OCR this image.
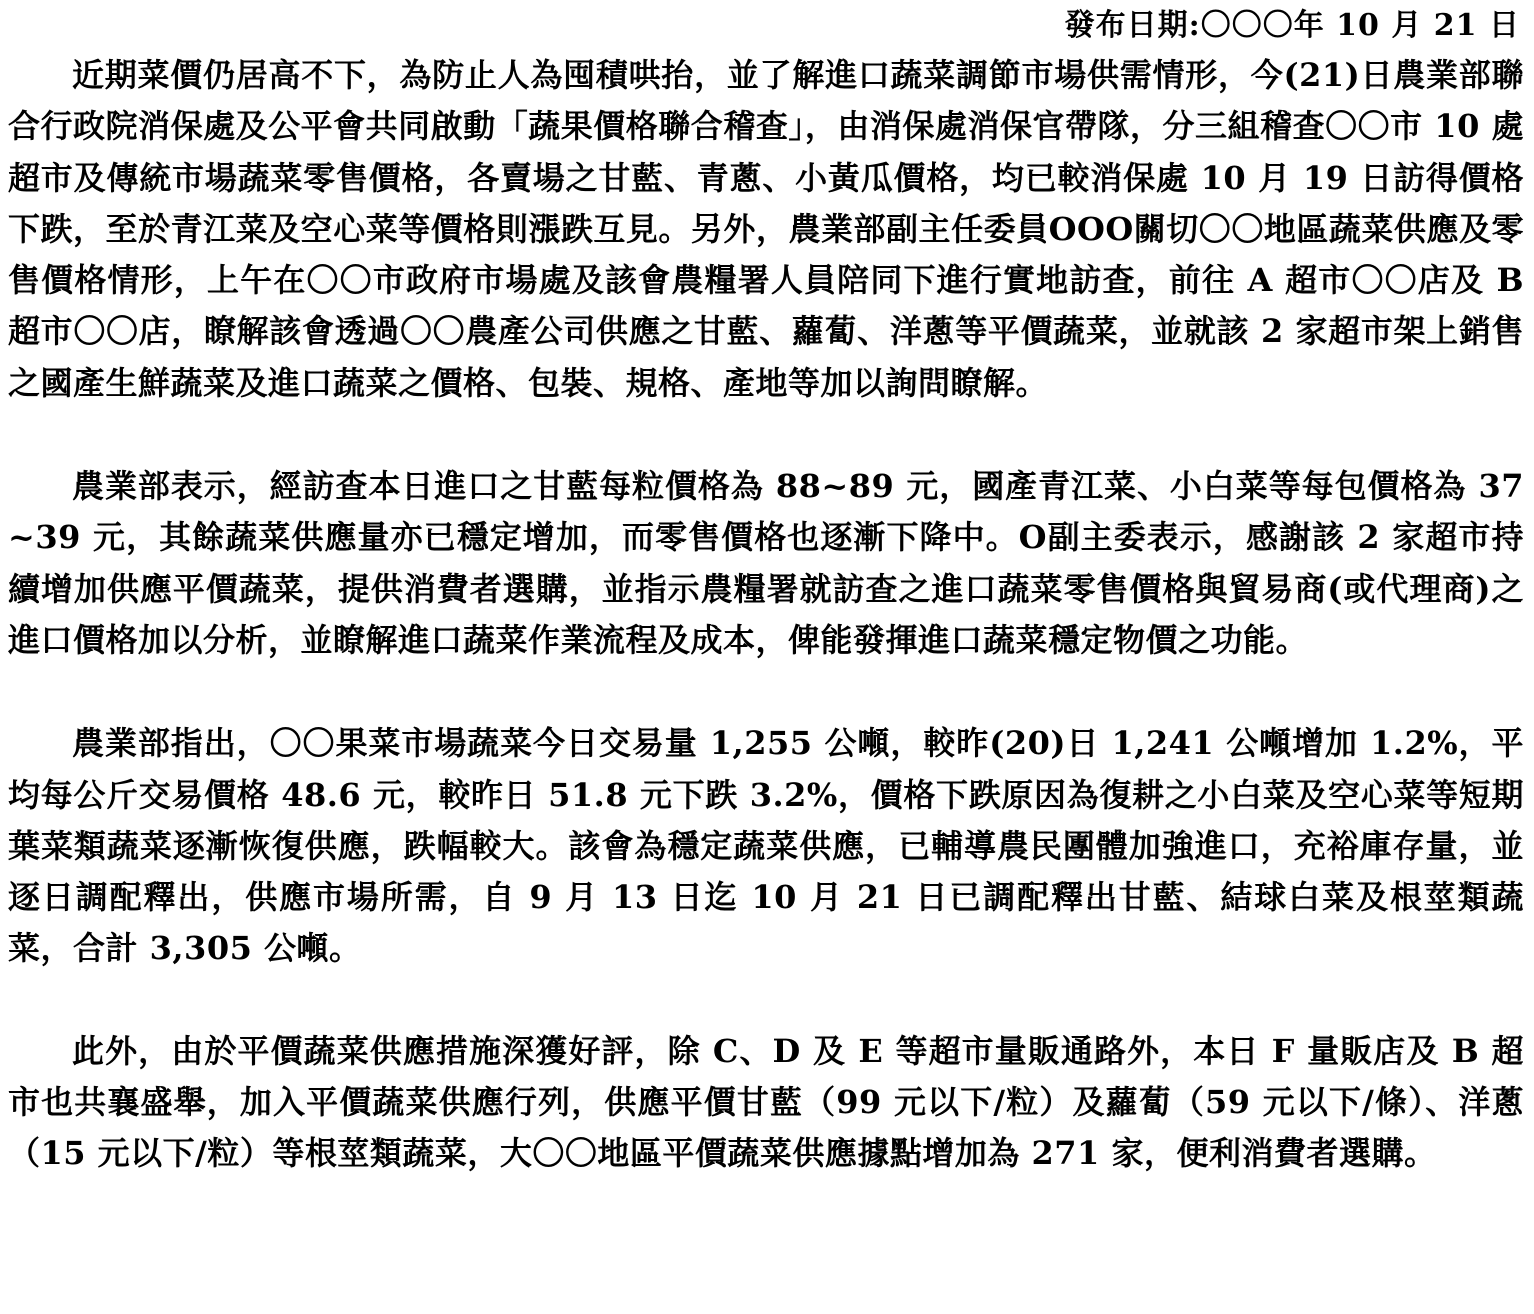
發布日期:〇〇〇年 10 月 21 日

近期菜價仍居高不下，為防止人為囤積哄抬，並了解進口蔬菜調節市場供需情形，今(21)日農業部聯合行政院消保處及公平會共同啟動「蔬果價格聯合稽查」，由消保處消保官帶隊，分三組稽查〇〇市 10 處超市及傳統市場蔬菜零售價格，各賣場之甘藍、青蔥、小黃瓜價格，均已較消保處 10 月 19 日訪得價格下跌，至於青江菜及空心菜等價格則漲跌互見。另外，農業部副主任委員OOO關切〇〇地區蔬菜供應及零售價格情形，上午在〇〇市政府市場處及該會農糧署人員陪同下進行實地訪查，前往 A 超市〇〇店及 B 超市〇〇店，瞭解該會透過〇〇農產公司供應之甘藍、蘿蔔、洋蔥等平價蔬菜，並就該 2 家超市架上銷售之國產生鮮蔬菜及進口蔬菜之價格、包裝、規格、產地等加以詢問瞭解。

農業部表示，經訪查本日進口之甘藍每粒價格為 88~89 元，國產青江菜、小白菜等每包價格為 37~39 元，其餘蔬菜供應量亦已穩定增加，而零售價格也逐漸下降中。O副主委表示，感謝該 2 家超市持續增加供應平價蔬菜，提供消費者選購，並指示農糧署就訪查之進口蔬菜零售價格與貿易商(或代理商)之進口價格加以分析，並瞭解進口蔬菜作業流程及成本，俾能發揮進口蔬菜穩定物價之功能。

農業部指出，〇〇果菜市場蔬菜今日交易量 1,255 公噸，較昨(20)日 1,241 公噸增加 1.2%，平均每公斤交易價格 48.6 元，較昨日 51.8 元下跌 3.2%，價格下跌原因為復耕之小白菜及空心菜等短期葉菜類蔬菜逐漸恢復供應，跌幅較大。該會為穩定蔬菜供應，已輔導農民團體加強進口，充裕庫存量，並逐日調配釋出，供應市場所需，自 9 月 13 日迄 10 月 21 日已調配釋出甘藍、結球白菜及根莖類蔬菜，合計 3,305 公噸。

此外，由於平價蔬菜供應措施深獲好評，除 C、D 及 E 等超市量販通路外，本日 F 量販店及 B 超市也共襄盛舉，加入平價蔬菜供應行列，供應平價甘藍（99 元以下/粒）及蘿蔔（59 元以下/條）、洋蔥（15 元以下/粒）等根莖類蔬菜，大〇〇地區平價蔬菜供應據點增加為 271 家，便利消費者選購。
